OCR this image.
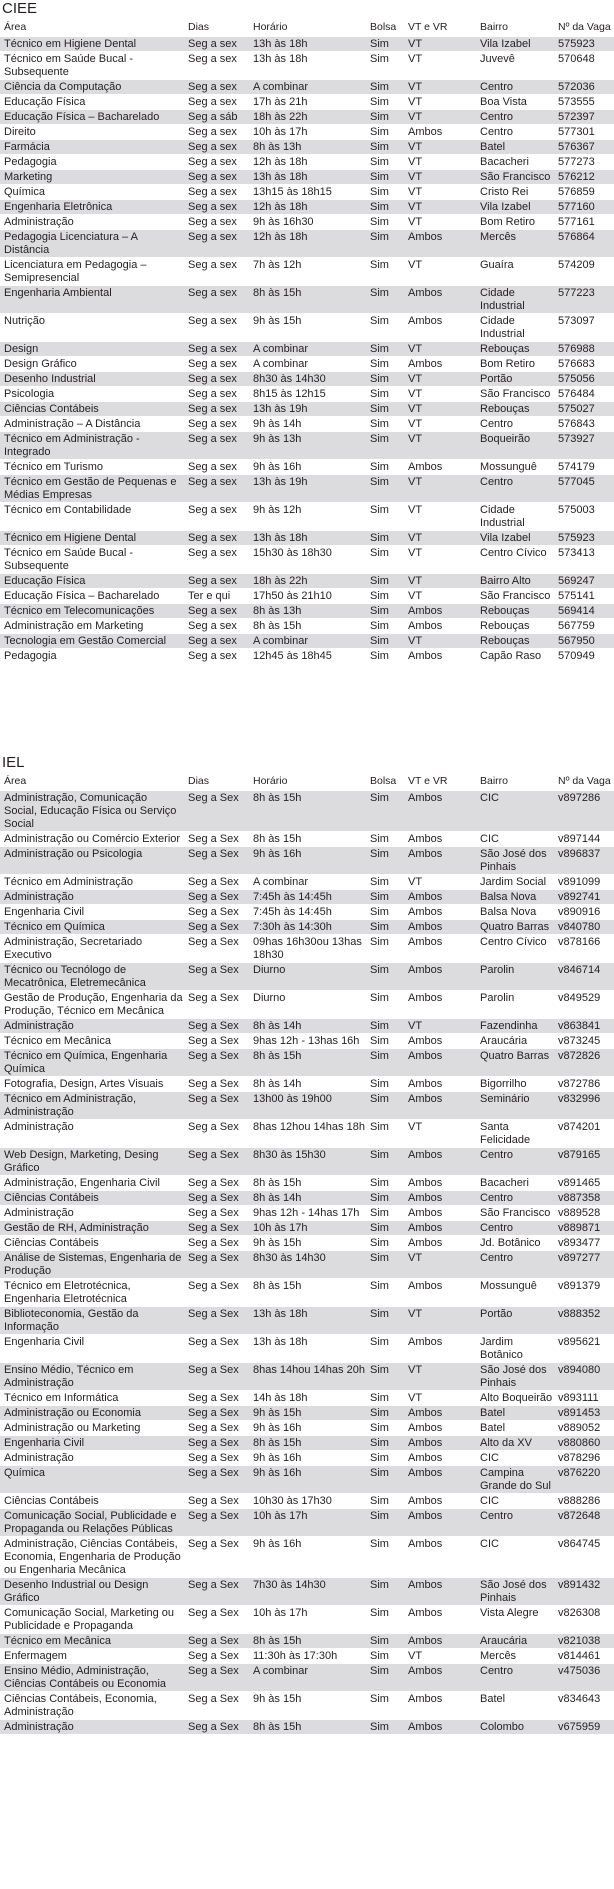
CIEE
Área	Dias	Horário	Bolsa	VT e VR	Bairro	Nº da Vaga
Técnico em Higiene Dental	Seg a sex	13h às 18h	Sim	VT	Vila Izabel	575923
Técnico em Saúde Bucal - Subsequente	Seg a sex	13h às 18h	Sim	VT	Juvevê	570648
Ciência da Computação	Seg a sex	A combinar	Sim	VT	Centro	572036
Educação Física	Seg a sex	17h às 21h	Sim	VT	Boa Vista	573555
Educação Física – Bacharelado	Seg a sáb	18h às 22h	Sim	VT	Centro	572397
Direito	Seg a sex	10h às 17h	Sim	Ambos	Centro	577301
Farmácia	Seg a sex	8h às 13h	Sim	VT	Batel	576367
Pedagogia	Seg a sex	12h às 18h	Sim	VT	Bacacheri	577273
Marketing	Seg a sex	13h às 18h	Sim	VT	São Francisco	576212
Química	Seg a sex	13h15 às 18h15	Sim	VT	Cristo Rei	576859
Engenharia Eletrônica	Seg a sex	12h às 18h	Sim	VT	Vila Izabel	577160
Administração	Seg a sex	9h às 16h30	Sim	VT	Bom Retiro	577161
Pedagogia Licenciatura – A Distância	Seg a sex	12h às 18h	Sim	Ambos	Mercês	576864
Licenciatura em Pedagogia – Semipresencial	Seg a sex	7h às 12h	Sim	VT	Guaíra	574209
Engenharia Ambiental	Seg a sex	8h às 15h	Sim	Ambos	Cidade Industrial	577223
Nutrição	Seg a sex	9h às 15h	Sim	Ambos	Cidade Industrial	573097
Design	Seg a sex	A combinar	Sim	VT	Rebouças	576988
Design Gráfico	Seg a sex	A combinar	Sim	Ambos	Bom Retiro	576683
Desenho Industrial	Seg a sex	8h30 às 14h30	Sim	VT	Portão	575056
Psicologia	Seg a sex	8h15 às 12h15	Sim	VT	São Francisco	576484
Ciências Contábeis	Seg a sex	13h às 19h	Sim	VT	Rebouças	575027
Administração – A Distância	Seg a sex	9h às 14h	Sim	VT	Centro	576843
Técnico em Administração - Integrado	Seg a sex	9h às 13h	Sim	VT	Boqueirão	573927
Técnico em Turismo	Seg a sex	9h às 16h	Sim	Ambos	Mossunguê	574179
Técnico em Gestão de Pequenas e Médias Empresas	Seg a sex	13h às 19h	Sim	VT	Centro	577045
Técnico em Contabilidade	Seg a sex	9h às 12h	Sim	VT	Cidade Industrial	575003
Técnico em Higiene Dental	Seg a sex	13h às 18h	Sim	VT	Vila Izabel	575923
Técnico em Saúde Bucal - Subsequente	Seg a sex	15h30 às 18h30	Sim	VT	Centro Cívico	573413
Educação Física	Seg a sex	18h às 22h	Sim	VT	Bairro Alto	569247
Educação Física – Bacharelado	Ter e qui	17h50 às 21h10	Sim	VT	São Francisco	575141
Técnico em Telecomunicações	Seg a sex	8h às 13h	Sim	Ambos	Rebouças	569414
Administração em Marketing	Seg a sex	8h às 15h	Sim	Ambos	Rebouças	567759
Tecnologia em Gestão Comercial	Seg a sex	A combinar	Sim	VT	Rebouças	567950
Pedagogia	Seg a sex	12h45 às 18h45	Sim	Ambos	Capão Raso	570949
IEL
Área	Dias	Horário	Bolsa	VT e VR	Bairro	Nº da Vaga
Administração, Comunicação Social, Educação Física ou Serviço Social	Seg a Sex	8h às 15h	Sim	Ambos	CIC	v897286
Administração ou Comércio Exterior	Seg a Sex	8h às 15h	Sim	Ambos	CIC	v897144
Administração ou Psicologia	Seg a Sex	9h às 16h	Sim	Ambos	São José dos Pinhais	v896837
Técnico em Administração	Seg a Sex	A combinar	Sim	VT	Jardim Social	v891099
Administração	Seg a Sex	7:45h às 14:45h	Sim	Ambos	Balsa Nova	v892741
Engenharia Civil	Seg a Sex	7:45h às 14:45h	Sim	Ambos	Balsa Nova	v890916
Técnico em Química	Seg a Sex	7:30h às 14:30h	Sim	Ambos	Quatro Barras	v840780
Administração, Secretariado Executivo	Seg a Sex	09has 16h30ou 13has 18h30	Sim	Ambos	Centro Cívico	v878166
Técnico ou Tecnólogo de Mecatrônica, Eletremecânica	Seg a Sex	Diurno	Sim	Ambos	Parolin	v846714
Gestão de Produção, Engenharia da Produção, Técnico em Mecânica	Seg a Sex	Diurno	Sim	Ambos	Parolin	v849529
Administração	Seg a Sex	8h às 14h	Sim	VT	Fazendinha	v863841
Técnico em Mecânica	Seg a Sex	9has 12h - 13has 16h	Sim	Ambos	Araucária	v873245
Técnico em Química, Engenharia Química	Seg a Sex	8h às 15h	Sim	Ambos	Quatro Barras	v872826
Fotografia, Design, Artes Visuais	Seg a Sex	8h às 14h	Sim	Ambos	Bigorrilho	v872786
Técnico em Administração, Administração	Seg a Sex	13h00 às 19h00	Sim	Ambos	Seminário	v832996
Administração	Seg a Sex	8has 12hou 14has 18h	Sim	VT	Santa Felicidade	v874201
Web Design, Marketing, Desing Gráfico	Seg a Sex	8h30 às 15h30	Sim	Ambos	Centro	v879165
Administração, Engenharia Civil	Seg a Sex	8h às 15h	Sim	Ambos	Bacacheri	v891465
Ciências Contábeis	Seg a Sex	8h às 14h	Sim	Ambos	Centro	v887358
Administração	Seg a Sex	9has 12h - 14has 17h	Sim	Ambos	São Francisco	v889528
Gestão de RH, Administração	Seg a Sex	10h às 17h	Sim	Ambos	Centro	v889871
Ciências Contábeis	Seg a Sex	9h às 15h	Sim	Ambos	Jd. Botânico	v893477
Análise de Sistemas, Engenharia de Produção	Seg a Sex	8h30 às 14h30	Sim	VT	Centro	v897277
Técnico em Eletrotécnica, Engenharia Eletrotécnica	Seg a Sex	8h às 15h	Sim	Ambos	Mossunguê	v891379
Biblioteconomia, Gestão da Informação	Seg a Sex	13h às 18h	Sim	VT	Portão	v888352
Engenharia Civil	Seg a Sex	13h às 18h	Sim	Ambos	Jardim Botânico	v895621
Ensino Médio, Técnico em Administração	Seg a Sex	8has 14hou 14has 20h	Sim	VT	São José dos Pinhais	v894080
Técnico em Informática	Seg a Sex	14h às 18h	Sim	VT	Alto Boqueirão	v893111
Administração ou Economia	Seg a Sex	9h às 15h	Sim	Ambos	Batel	v891453
Administração ou Marketing	Seg a Sex	9h às 16h	Sim	Ambos	Batel	v889052
Engenharia Civil	Seg a Sex	8h às 15h	Sim	Ambos	Alto da XV	v880860
Administração	Seg a Sex	9h às 16h	Sim	Ambos	CIC	v878296
Química	Seg a Sex	9h às 16h	Sim	Ambos	Campina Grande do Sul	v876220
Ciências Contábeis	Seg a Sex	10h30 às 17h30	Sim	Ambos	CIC	v888286
Comunicação Social, Publicidade e Propaganda ou Relações Públicas	Seg a Sex	10h às 17h	Sim	Ambos	Centro	v872648
Administração, Ciências Contábeis, Economia, Engenharia de Produção ou Engenharia Mecânica	Seg a Sex	9h às 16h	Sim	Ambos	CIC	v864745
Desenho Industrial ou Design Gráfico	Seg a Sex	7h30 às 14h30	Sim	Ambos	São José dos Pinhais	v891432
Comunicação Social, Marketing ou Publicidade e Propaganda	Seg a Sex	10h às 17h	Sim	Ambos	Vista Alegre	v826308
Técnico em Mecânica	Seg a Sex	8h às 15h	Sim	Ambos	Araucária	v821038
Enfermagem	Seg a Sex	11:30h às 17:30h	Sim	VT	Mercês	v814461
Ensino Médio, Administração, Ciências Contábeis ou Economia	Seg a Sex	A combinar	Sim	Ambos	Centro	v475036
Ciências Contábeis, Economia, Administração	Seg a Sex	9h às 15h	Sim	Ambos	Batel	v834643
Administração	Seg a Sex	8h às 15h	Sim	Ambos	Colombo	v675959
